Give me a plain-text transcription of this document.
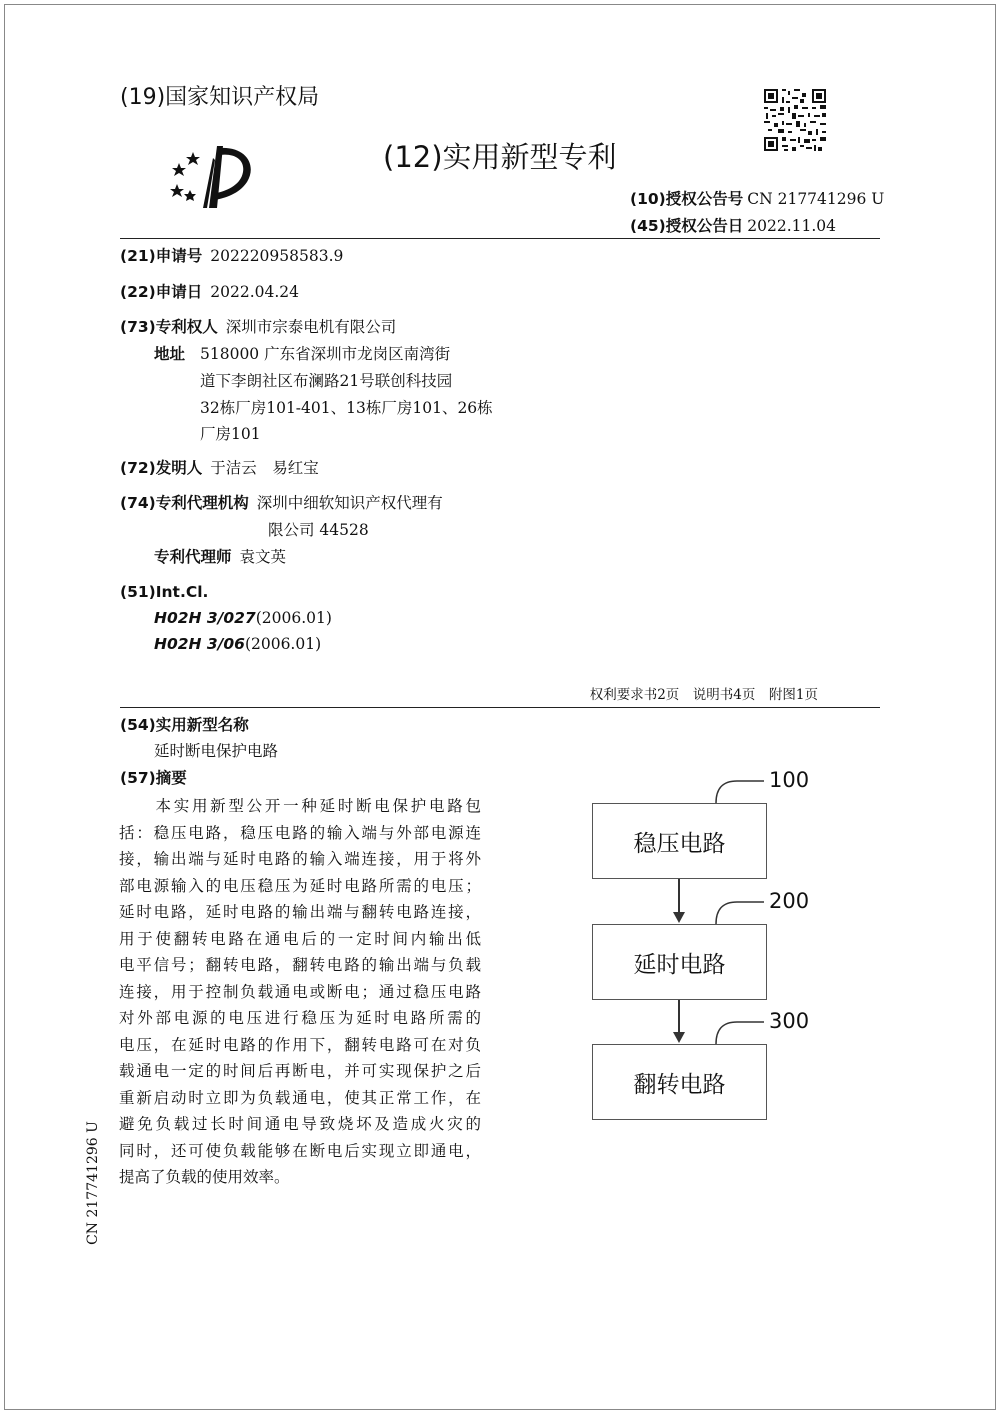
(19)国家知识产权局
(12)实用新型专利
(10)授权公告号 CN 217741296 U
(45)授权公告日 2022.11.04
(21)申请号 202220958583.9
(22)申请日 2022.04.24
(73)专利权人 深圳市宗泰电机有限公司
地址 518000 广东省深圳市龙岗区南湾街
道下李朗社区布澜路21号联创科技园
32栋厂房101-401、13栋厂房101、26栋
厂房101
(72)发明人 于洁云　易红宝
(74)专利代理机构 深圳中细软知识产权代理有
限公司 44528
专利代理师 袁文英
(51)Int.Cl.
H02H 3/027(2006.01)
H02H 3/06(2006.01)
权利要求书2页　说明书4页　附图1页
(54)实用新型名称
延时断电保护电路
(57)摘要
　　本实用新型公开一种延时断电保护电路包
括：稳压电路，稳压电路的输入端与外部电源连
接，输出端与延时电路的输入端连接，用于将外
部电源输入的电压稳压为延时电路所需的电压；
延时电路，延时电路的输出端与翻转电路连接，
用于使翻转电路在通电后的一定时间内输出低
电平信号；翻转电路，翻转电路的输出端与负载
连接，用于控制负载通电或断电；通过稳压电路
对外部电源的电压进行稳压为延时电路所需的
电压，在延时电路的作用下，翻转电路可在对负
载通电一定的时间后再断电，并可实现保护之后
重新启动时立即为负载通电，使其正常工作，在
避免负载过长时间通电导致烧坏及造成火灾的
同时，还可使负载能够在断电后实现立即通电，
提高了负载的使用效率。
稳压电路
100
延时电路
200
翻转电路
300
CN 217741296 U
